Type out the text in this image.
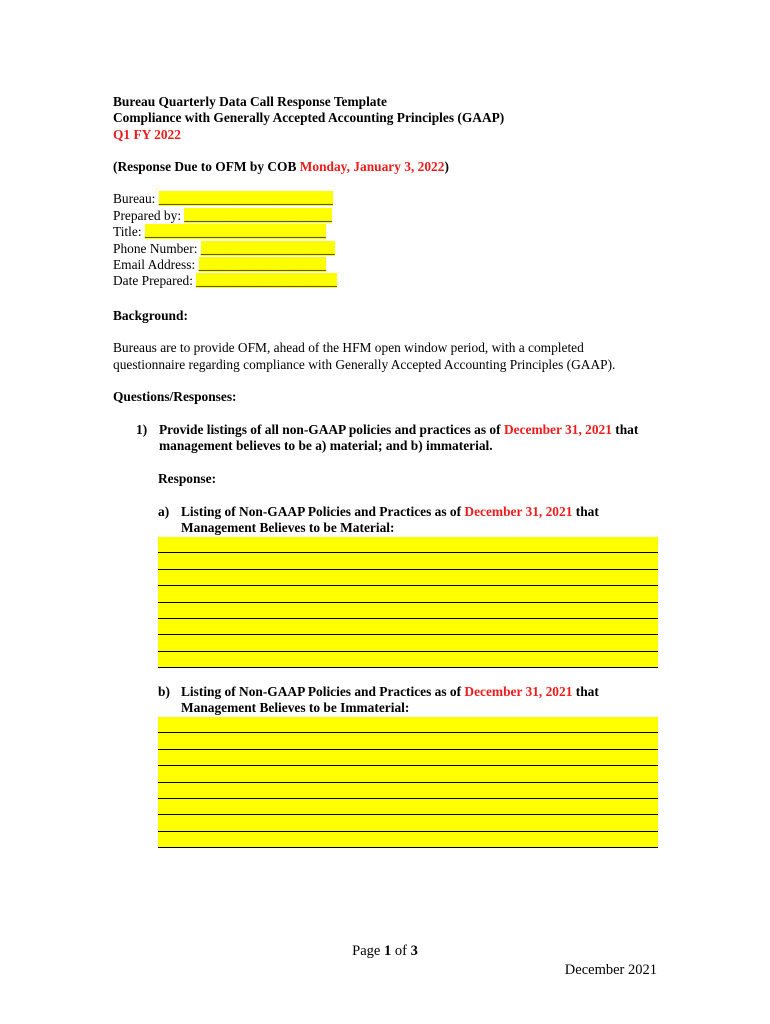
Bureau Quarterly Data Call Response Template
Compliance with Generally Accepted Accounting Principles (GAAP)
Q1 FY 2022
(Response Due to OFM by COB Monday, January 3, 2022)
Bureau: __________________________
Prepared by: ______________________
Title: ___________________________
Phone Number: ____________________
Email Address: ___________________
Date Prepared: _____________________
Background:
Bureaus are to provide OFM, ahead of the HFM open window period, with a completed
questionnaire regarding compliance with Generally Accepted Accounting Principles (GAAP).
Questions/Responses:
1) Provide listings of all non-GAAP policies and practices as of December 31, 2021 that
management believes to be a) material; and b) immaterial.
Response:
a) Listing of Non-GAAP Policies and Practices as of December 31, 2021 that
Management Believes to be Material:
b) Listing of Non-GAAP Policies and Practices as of December 31, 2021 that
Management Believes to be Immaterial:
Page 1 of 3
December 2021
